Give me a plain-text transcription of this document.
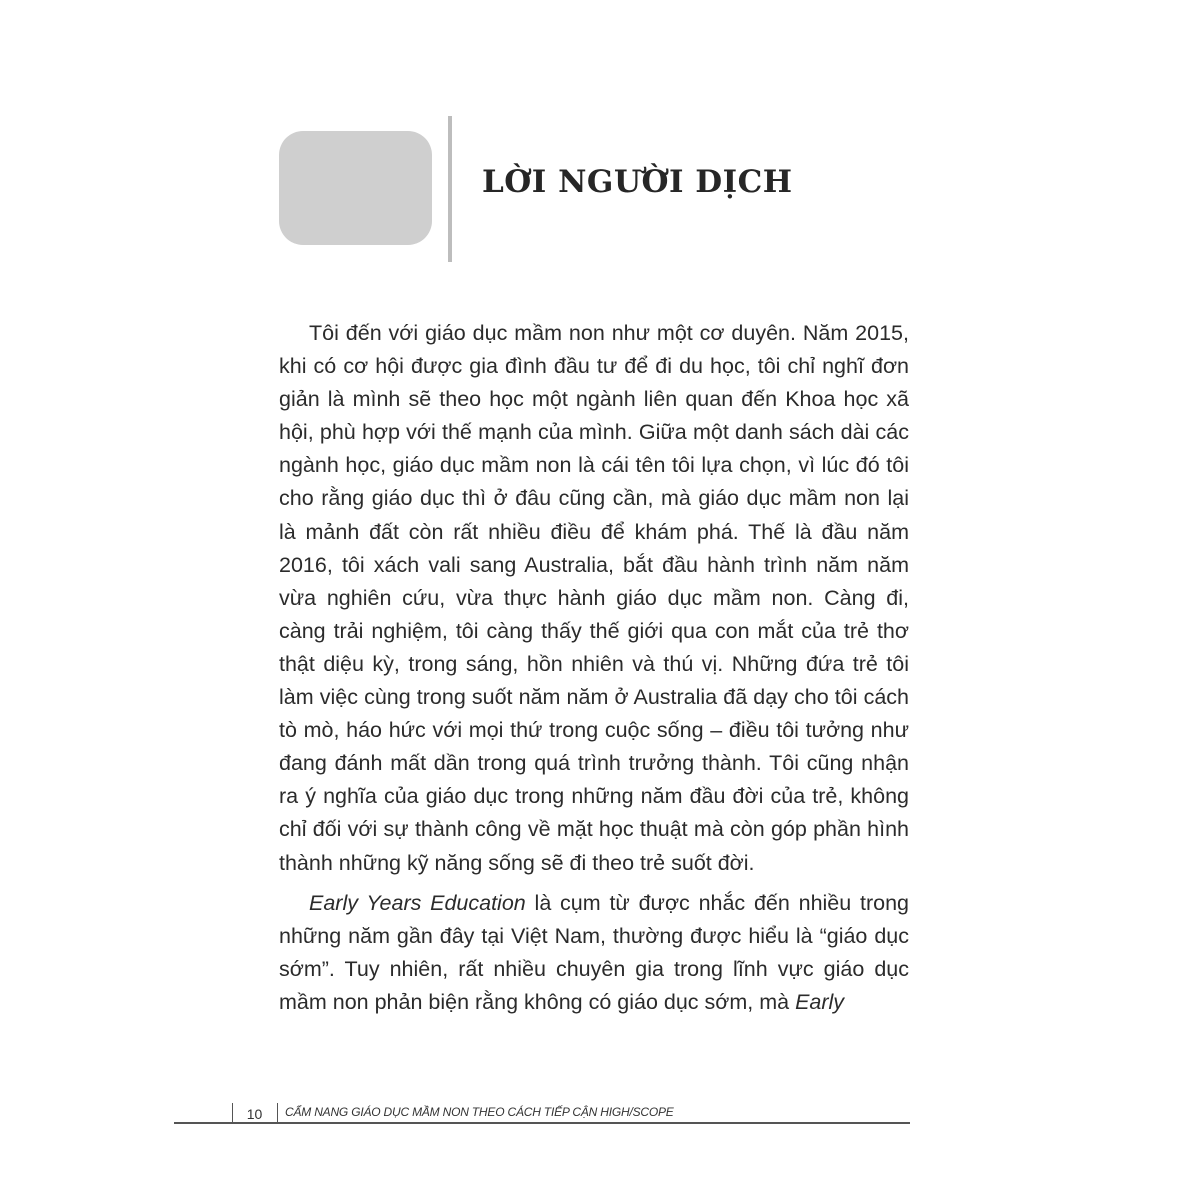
LỜI NGƯỜI DỊCH

Tôi đến với giáo dục mầm non như một cơ duyên. Năm 2015, khi có cơ hội được gia đình đầu tư để đi du học, tôi chỉ nghĩ đơn giản là mình sẽ theo học một ngành liên quan đến Khoa học xã hội, phù hợp với thế mạnh của mình. Giữa một danh sách dài các ngành học, giáo dục mầm non là cái tên tôi lựa chọn, vì lúc đó tôi cho rằng giáo dục thì ở đâu cũng cần, mà giáo dục mầm non lại là mảnh đất còn rất nhiều điều để khám phá. Thế là đầu năm 2016, tôi xách vali sang Australia, bắt đầu hành trình năm năm vừa nghiên cứu, vừa thực hành giáo dục mầm non. Càng đi, càng trải nghiệm, tôi càng thấy thế giới qua con mắt của trẻ thơ thật diệu kỳ, trong sáng, hồn nhiên và thú vị. Những đứa trẻ tôi làm việc cùng trong suốt năm năm ở Australia đã dạy cho tôi cách tò mò, háo hức với mọi thứ trong cuộc sống – điều tôi tưởng như đang đánh mất dần trong quá trình trưởng thành. Tôi cũng nhận ra ý nghĩa của giáo dục trong những năm đầu đời của trẻ, không chỉ đối với sự thành công về mặt học thuật mà còn góp phần hình thành những kỹ năng sống sẽ đi theo trẻ suốt đời.

Early Years Education là cụm từ được nhắc đến nhiều trong những năm gần đây tại Việt Nam, thường được hiểu là “giáo dục sớm”. Tuy nhiên, rất nhiều chuyên gia trong lĩnh vực giáo dục mầm non phản biện rằng không có giáo dục sớm, mà Early

10	CẨM NANG GIÁO DỤC MẦM NON THEO CÁCH TIẾP CẬN HIGH/SCOPE
